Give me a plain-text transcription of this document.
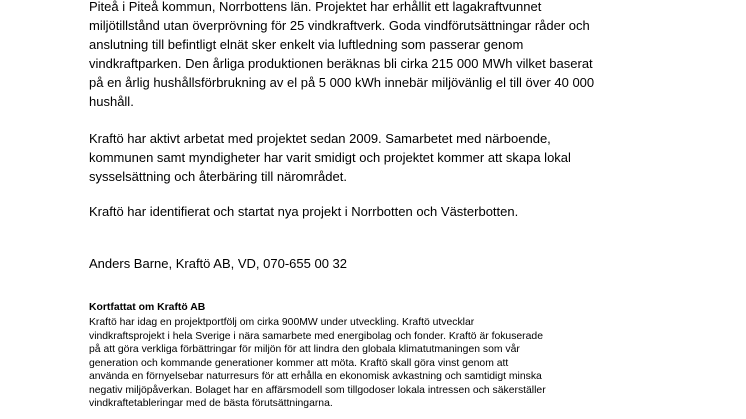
Piteå i Piteå kommun, Norrbottens län. Projektet har erhållit ett lagakraftvunnet
miljötillstånd utan överprövning för 25 vindkraftverk. Goda vindförutsättningar råder och
anslutning till befintligt elnät sker enkelt via luftledning som passerar genom
vindkraftparken. Den årliga produktionen beräknas bli cirka 215 000 MWh vilket baserat
på en årlig hushållsförbrukning av el på 5 000 kWh innebär miljövänlig el till över 40 000
hushåll.

Kraftö har aktivt arbetat med projektet sedan 2009. Samarbetet med närboende,
kommunen samt myndigheter har varit smidigt och projektet kommer att skapa lokal
sysselsättning och återbäring till närområdet.

Kraftö har identifierat och startat nya projekt i Norrbotten och Västerbotten.

Anders Barne, Kraftö AB, VD, 070-655 00 32

Kortfattat om Kraftö AB

Kraftö har idag en projektportfölj om cirka 900MW under utveckling. Kraftö utvecklar
vindkraftsprojekt i hela Sverige i nära samarbete med energibolag och fonder. Kraftö är fokuserade
på att göra verkliga förbättringar för miljön för att lindra den globala klimatutmaningen som vår
generation och kommande generationer kommer att möta. Kraftö skall göra vinst genom att
använda en förnyelsebar naturresurs för att erhålla en ekonomisk avkastning och samtidigt minska
negativ miljöpåverkan. Bolaget har en affärsmodell som tillgodoser lokala intressen och säkerställer
vindkraftetableringar med de bästa förutsättningarna.
